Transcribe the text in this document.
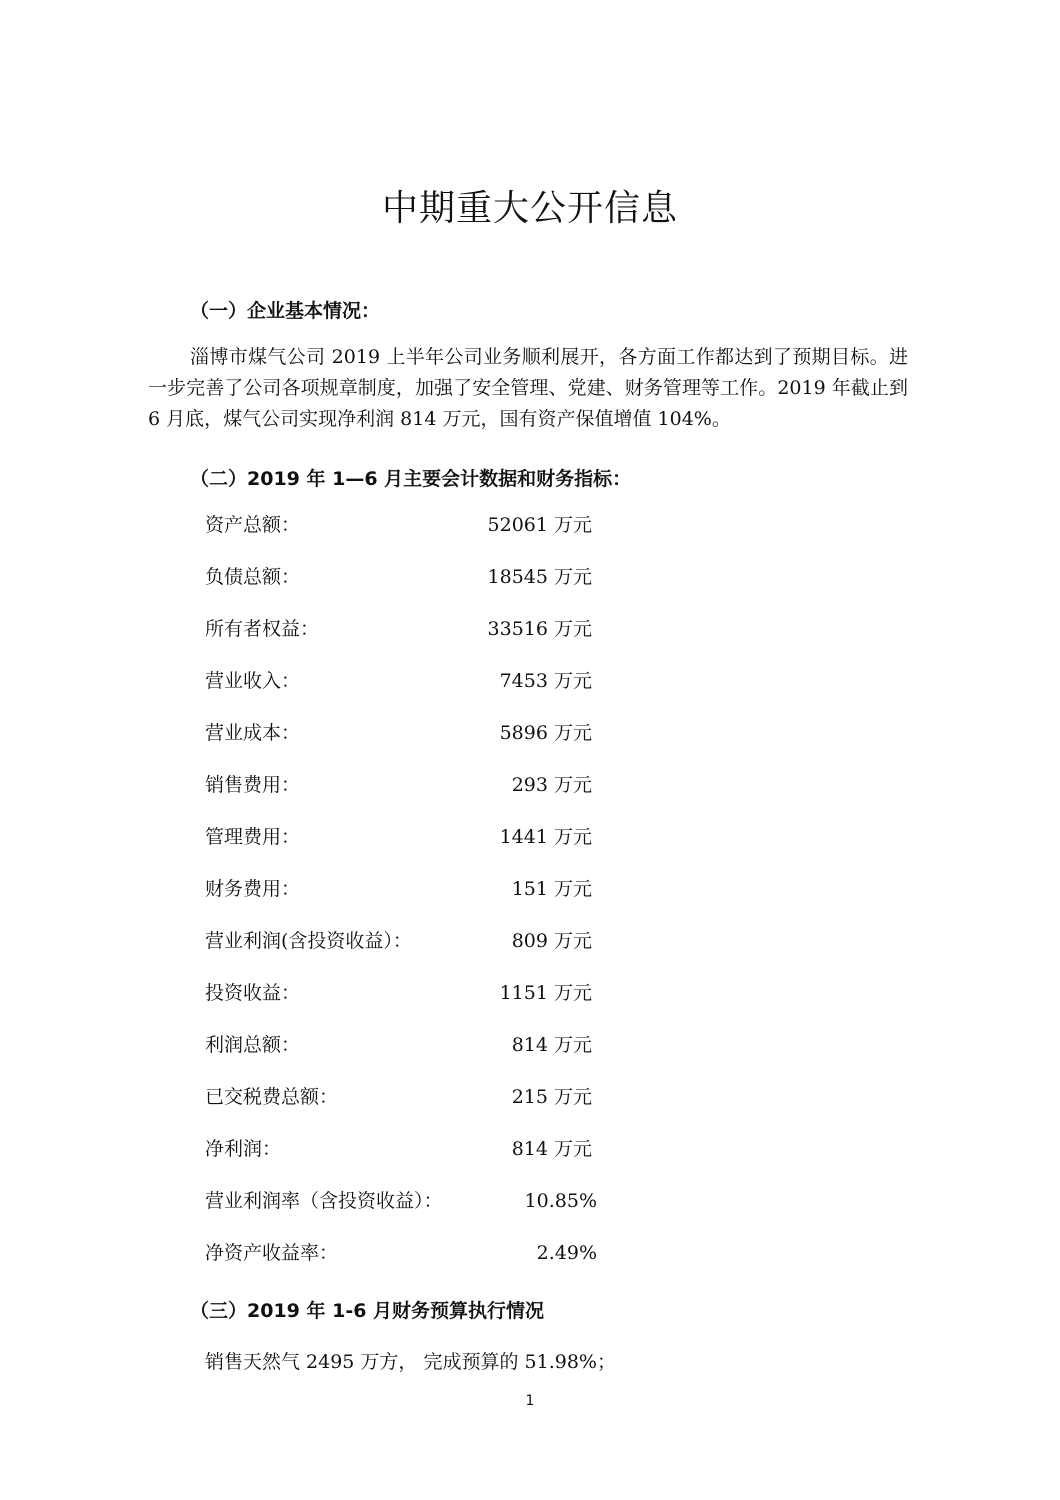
中期重大公开信息
（一）企业基本情况：
淄博市煤气公司 2019 上半年公司业务顺利展开，各方面工作都达到了预期目标。进一步完善了公司各项规章制度，加强了安全管理、党建、财务管理等工作。2019 年截止到 6 月底，煤气公司实现净利润 814 万元，国有资产保值增值 104%。
（二）2019 年 1—6 月主要会计数据和财务指标：
资产总额：	52061 万元
负债总额：	18545 万元
所有者权益：	33516 万元
营业收入：	7453 万元
营业成本：	5896 万元
销售费用：	293 万元
管理费用：	1441 万元
财务费用：	151 万元
营业利润(含投资收益）：	809 万元
投资收益：	1151 万元
利润总额：	814 万元
已交税费总额：	215 万元
净利润：	814 万元
营业利润率（含投资收益）：	10.85%
净资产收益率：	2.49%
（三）2019 年 1-6 月财务预算执行情况
销售天然气 2495 万方， 完成预算的 51.98%；
1
